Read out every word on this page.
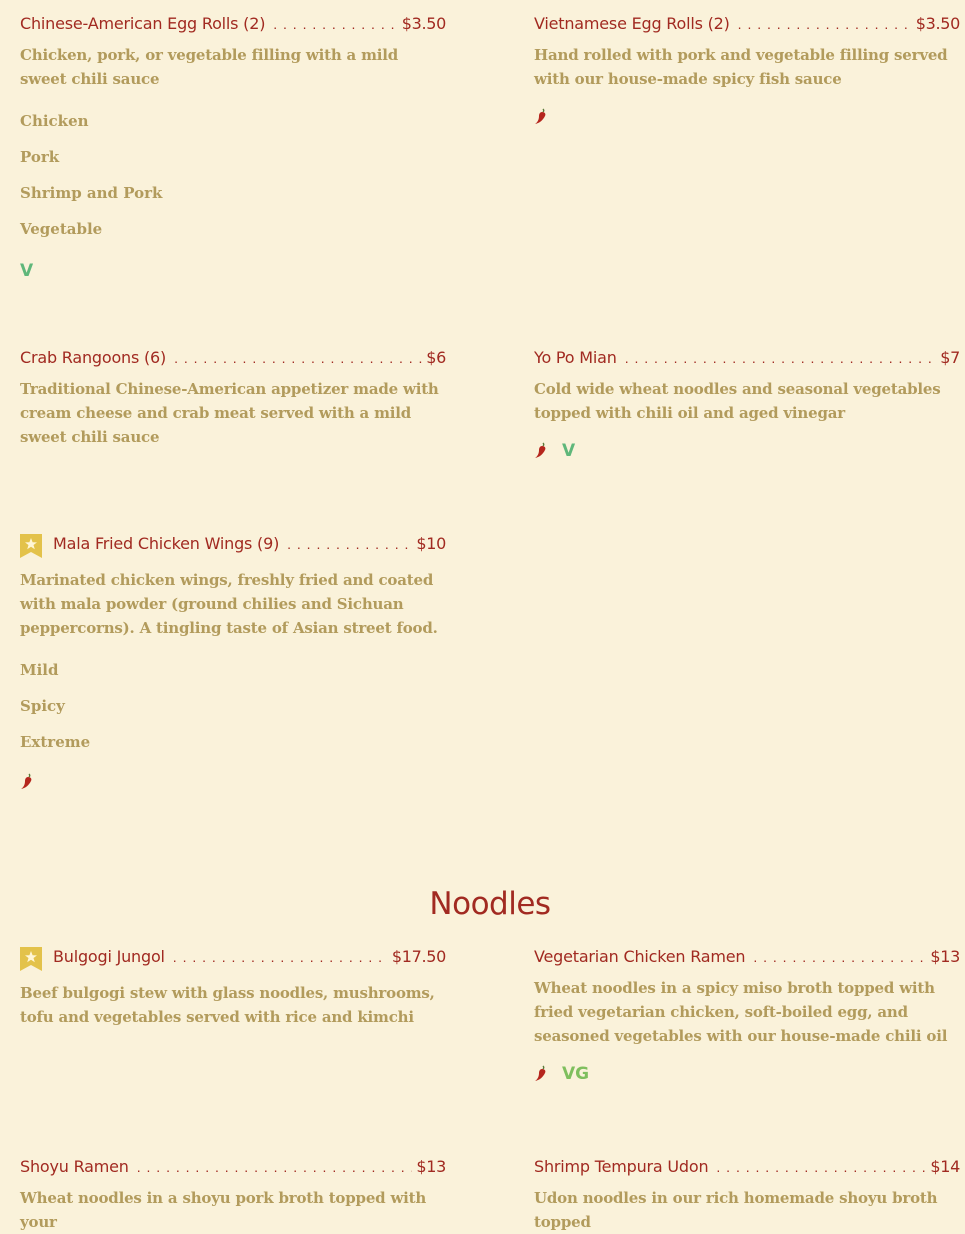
Chinese-American Egg Rolls (2) . . .	$3.50
Chicken, pork, or vegetable filling with a mild sweet chili sauce
Chicken
Pork
Shrimp and Pork
Vegetable
V
Vietnamese Egg Rolls (2) . . .	$3.50
Hand rolled with pork and vegetable filling served with our house-made spicy fish sauce
Crab Rangoons (6) . . .	$6
Traditional Chinese-American appetizer made with cream cheese and crab meat served with a mild sweet chili sauce
Yo Po Mian . . .	$7
Cold wide wheat noodles and seasonal vegetables topped with chili oil and aged vinegar
V
Mala Fried Chicken Wings (9) . . .	$10
Marinated chicken wings, freshly fried and coated with mala powder (ground chilies and Sichuan peppercorns). A tingling taste of Asian street food.
Mild
Spicy
Extreme
Noodles
Bulgogi Jungol . . .	$17.50
Beef bulgogi stew with glass noodles, mushrooms, tofu and vegetables served with rice and kimchi
Vegetarian Chicken Ramen . . .	$13
Wheat noodles in a spicy miso broth topped with fried vegetarian chicken, soft-boiled egg, and seasoned vegetables with our house-made chili oil
VG
Shoyu Ramen . . .	$13
Wheat noodles in a shoyu pork broth topped with your
Shrimp Tempura Udon . . .	$14
Udon noodles in our rich homemade shoyu broth topped
